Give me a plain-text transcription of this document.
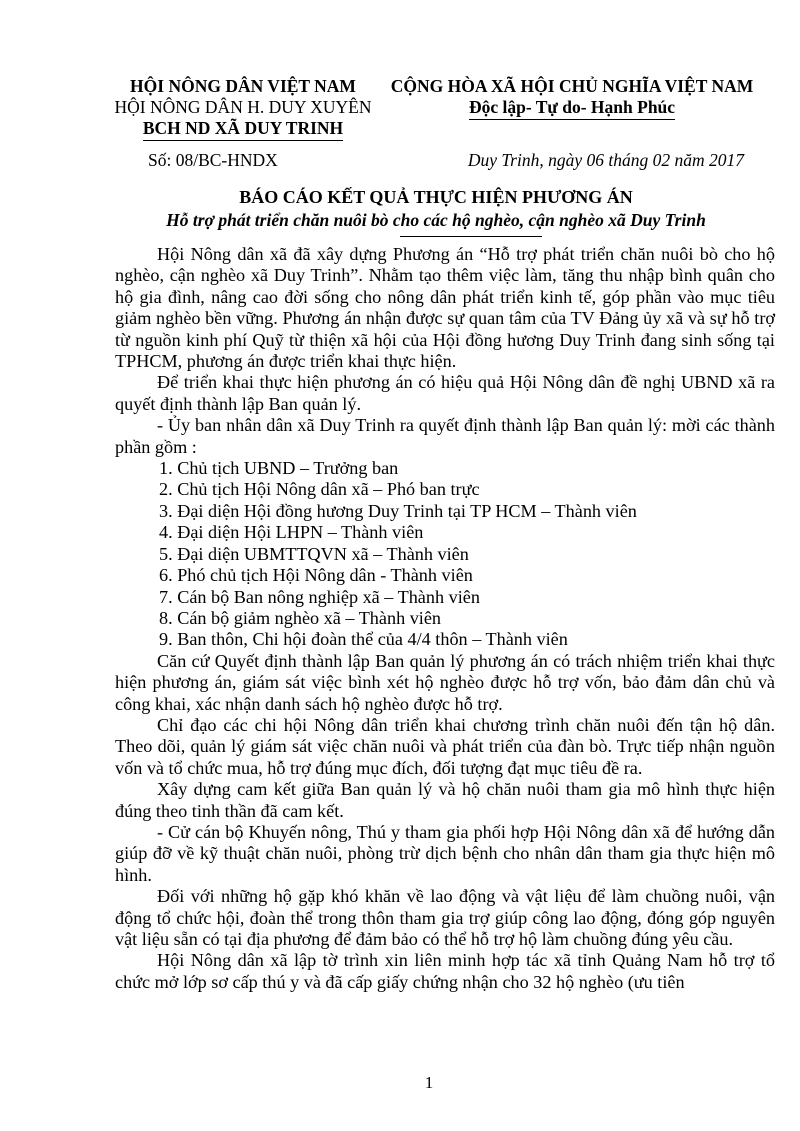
HỘI NÔNG DÂN VIỆT NAM
HỘI NÔNG DÂN H. DUY XUYÊN
BCH ND XÃ DUY TRINH
CỘNG HÒA XÃ HỘI CHỦ NGHĨA VIỆT NAM
Độc lập- Tự do- Hạnh Phúc
Số: 08/BC-HNDX	Duy Trinh, ngày 06 tháng 02 năm 2017
BÁO CÁO KẾT QUẢ THỰC HIỆN PHƯƠNG ÁN
Hỗ trợ phát triển chăn nuôi bò cho các hộ nghèo, cận nghèo xã Duy Trinh

Hội Nông dân xã đã xây dựng Phương án “Hỗ trợ phát triển chăn nuôi bò cho hộ nghèo, cận nghèo xã Duy Trinh”. Nhằm tạo thêm việc làm, tăng thu nhập bình quân cho hộ gia đình, nâng cao đời sống cho nông dân phát triển kinh tế, góp phần vào mục tiêu giảm nghèo bền vững. Phương án nhận được sự quan tâm của TV Đảng ủy xã và sự hỗ trợ từ nguồn kinh phí Quỹ từ thiện xã hội của Hội đồng hương Duy Trinh đang sinh sống tại TPHCM, phương án được triển khai thực hiện.

Để triển khai thực hiện phương án có hiệu quả Hội Nông dân đề nghị UBND xã ra quyết định thành lập Ban quản lý.

- Ủy ban nhân dân xã Duy Trinh ra quyết định thành lập Ban quản lý: mời các thành phần gồm :

1. Chủ tịch UBND – Trưởng ban

2. Chủ tịch Hội Nông dân xã – Phó ban trực

3. Đại diện Hội đồng hương Duy Trinh tại TP HCM – Thành viên

4. Đại diện Hội LHPN – Thành viên

5. Đại diện UBMTTQVN xã – Thành viên

6. Phó chủ tịch Hội Nông dân - Thành viên

7. Cán bộ Ban nông nghiệp xã – Thành viên

8. Cán bộ giảm nghèo xã – Thành viên

9. Ban thôn, Chi hội đoàn thể của 4/4 thôn – Thành viên

Căn cứ Quyết định thành lập Ban quản lý phương án có trách nhiệm triển khai thực hiện phương án, giám sát việc bình xét hộ nghèo được hỗ trợ vốn, bảo đảm dân chủ và công khai, xác nhận danh sách hộ nghèo được hỗ trợ.

Chỉ đạo các chi hội Nông dân triển khai chương trình chăn nuôi đến tận hộ dân. Theo dõi, quản lý giám sát việc chăn nuôi và phát triển của đàn bò. Trực tiếp nhận nguồn vốn và tổ chức mua, hỗ trợ đúng mục đích, đối tượng đạt mục tiêu đề ra.

Xây dựng cam kết giữa Ban quản lý và hộ chăn nuôi tham gia mô hình thực hiện đúng theo tinh thần đã cam kết.

- Cử cán bộ Khuyến nông, Thú y tham gia phối hợp Hội Nông dân xã để hướng dẫn giúp đỡ về kỹ thuật chăn nuôi, phòng trừ dịch bệnh cho nhân dân tham gia thực hiện mô hình.

Đối với những hộ gặp khó khăn về lao động và vật liệu để làm chuồng nuôi, vận động tổ chức hội, đoàn thể trong thôn tham gia trợ giúp công lao động, đóng góp nguyên vật liệu sẵn có tại địa phương để đảm bảo có thể hỗ trợ hộ làm chuồng đúng yêu cầu.

Hội Nông dân xã lập tờ trình xin liên minh hợp tác xã tỉnh Quảng Nam hỗ trợ tổ chức mở lớp sơ cấp thú y và đã cấp giấy chứng nhận cho 32 hộ nghèo (ưu tiên

1
